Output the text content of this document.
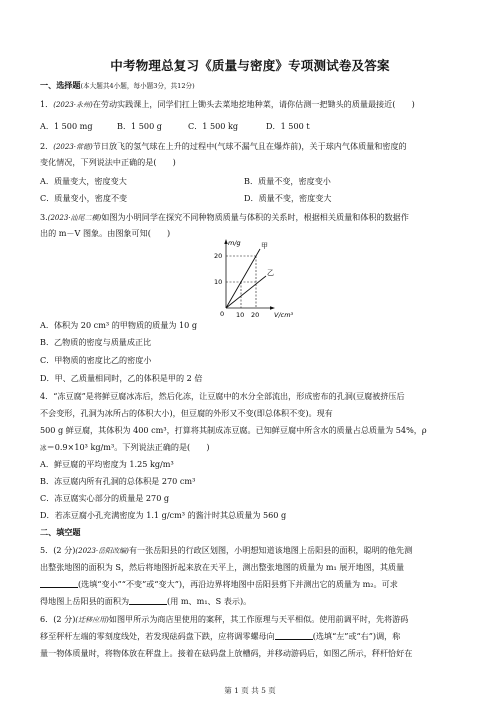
中考物理总复习《质量与密度》专项测试卷及答案
一、选择题(本大题共4小题，每小题3分，共12分)
1．(2023·永州)在劳动实践课上，同学们扛上锄头去菜地挖地种菜，请你估测一把锄头的质量最接近(　　)
A．1 500 mg	B．1 500 g	C．1 500 kg	D．1 500 t
2．(2023·常德)节日放飞的氢气球在上升的过程中(气球不漏气且在爆炸前)，关于球内气体质量和密度的
变化情况，下列说法中正确的是(　　)
A．质量变大，密度变大	B．质量不变，密度变小
C．质量变小，密度不变	D．质量不变，密度变大
3.(2023·汕尾二模)如图为小明同学在探究不同种物质质量与体积的关系时，根据相关质量和体积的数据作
出的 m－V 图象。由图象可知(　　)
m/g
V/cm³
0
20
10
10 20
甲
乙
A．体积为 20 cm³ 的甲物质的质量为 10 g
B．乙物质的密度与质量成正比
C．甲物质的密度比乙的密度小
D．甲、乙质量相同时，乙的体积是甲的 2 倍
4．“冻豆腐”是将鲜豆腐冰冻后，然后化冻，让豆腐中的水分全部流出，形成密布的孔洞(豆腐被挤压后
不会变形，孔洞为冰所占的体积大小)，但豆腐的外形又不变(即总体积不变)。现有
500 g 鲜豆腐，其体积为 400 cm³，打算将其制成冻豆腐。已知鲜豆腐中所含水的质量占总质量为 54%，ρ
冰＝0.9×10³ kg/m³。下列说法正确的是(　　)
A．鲜豆腐的平均密度为 1.25 kg/m³
B．冻豆腐内所有孔洞的总体积是 270 cm³
C．冻豆腐实心部分的质量是 270 g
D．若冻豆腐小孔充满密度为 1.1 g/cm³ 的酱汁时其总质量为 560 g
二、填空题
5．(2 分)(2023·岳阳改编)有一张岳阳县的行政区划图，小明想知道该地图上岳阳县的面积，聪明的他先测
出整张地图的面积为 S，然后将地图折起来放在天平上，测出整张地图的质量为 m₁ 展开地图，其质量
(选填“变小”“不变”或“变大”)，再沿边界将地图中岳阳县剪下并测出它的质量为 m₂。可求
得地图上岳阳县的面积为	(用 m、m₁、S 表示)。
6．(2 分)(迁移应用)如图甲所示为商店里使用的案秤，其工作原理与天平相似。使用前调平时，先将游码
移至秤杆左端的零刻度线处，若发现砝码盘下跌，应将调零螺母向	(选填“左”或“右”)调，称
量一物体质量时，将物体放在秤盘上。接着在砝码盘上放槽码，并移动游码后，如图乙所示，秤杆恰好在
第 1 页 共 5 页
